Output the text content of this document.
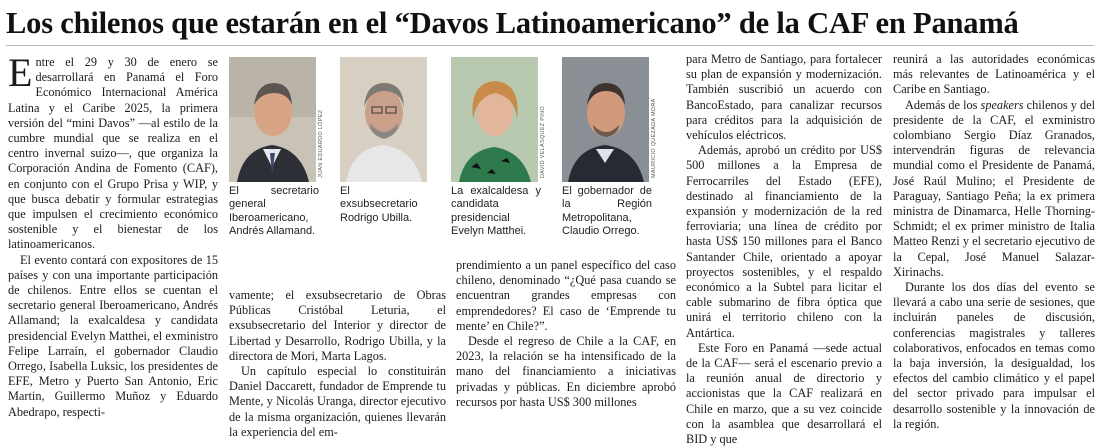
Los chilenos que estarán en el “Davos Latinoamericano” de la CAF en Panamá

Entre el 29 y 30 de enero se desarrollará en Panamá el Foro Económico Internacional América Latina y el Caribe 2025, la primera versión del “mini Davos” —al estilo de la cumbre mundial que se realiza en el centro invernal suizo—, que organiza la Corporación Andina de Fomento (CAF), en conjunto con el Grupo Prisa y WIP, y que busca debatir y formular estrategias que impulsen el crecimiento económico sostenible y el bienestar de los latinoamericanos.

El evento contará con expositores de 15 países y con una importante participación de chilenos. Entre ellos se cuentan el secretario general Iberoamericano, Andrés Allamand; la exalcaldesa y candidata presidencial Evelyn Matthei, el exministro Felipe Larraín, el gobernador Claudio Orrego, Isabella Luksic, los presidentes de EFE, Metro y Puerto San Antonio, Eric Martin, Guillermo Muñoz y Eduardo Abedrapo, respecti-

JUAN EDUARDO LÓPEZ	DAVID VELÁSQUEZ PINO	MAURICIO QUEZADA MORA
El secretario general Iberoamericano, Andrés Allamand.
El exsubsecretario Rodrigo Ubilla.
La exalcaldesa y candidata presidencial Evelyn Matthei.
El gobernador de la Región Metropolitana, Claudio Orrego.

vamente; el exsubsecretario de Obras Públicas Cristóbal Leturia, el exsubsecretario del Interior y director de Libertad y Desarrollo, Rodrigo Ubilla, y la directora de Mori, Marta Lagos.

Un capítulo especial lo constituirán Daniel Daccarett, fundador de Emprende tu Mente, y Nicolás Uranga, director ejecutivo de la misma organización, quienes llevarán la experiencia del em-

prendimiento a un panel específico del caso chileno, denominado “¿Qué pasa cuando se encuentran grandes empresas con emprendedores? El caso de ‘Emprende tu mente’ en Chile?”.

Desde el regreso de Chile a la CAF, en 2023, la relación se ha intensificado de la mano del financiamiento a iniciativas privadas y públicas. En diciembre aprobó recursos por hasta US$ 300 millones

para Metro de Santiago, para fortalecer su plan de expansión y modernización. También suscribió un acuerdo con BancoEstado, para canalizar recursos para créditos para la adquisición de vehículos eléctricos.

Además, aprobó un crédito por US$ 500 millones a la Empresa de Ferrocarriles del Estado (EFE), destinado al financiamiento de la expansión y modernización de la red ferroviaria; una línea de crédito por hasta US$ 150 millones para el Banco Santander Chile, orientado a apoyar proyectos sostenibles, y el respaldo económico a la Subtel para licitar el cable submarino de fibra óptica que unirá el territorio chileno con la Antártica.

Este Foro en Panamá —sede actual de la CAF— será el escenario previo a la reunión anual de directorio y accionistas que la CAF realizará en Chile en marzo, que a su vez coincide con la asamblea que desarrollará el BID y que

reunirá a las autoridades económicas más relevantes de Latinoamérica y el Caribe en Santiago.

Además de los speakers chilenos y del presidente de la CAF, el exministro colombiano Sergio Díaz Granados, intervendrán figuras de relevancia mundial como el Presidente de Panamá, José Raúl Mulino; el Presidente de Paraguay, Santiago Peña; la ex primera ministra de Dinamarca, Helle Thorning-Schmidt; el ex primer ministro de Italia Matteo Renzi y el secretario ejecutivo de la Cepal, José Manuel Salazar-Xirinachs.

Durante los dos días del evento se llevará a cabo una serie de sesiones, que incluirán paneles de discusión, conferencias magistrales y talleres colaborativos, enfocados en temas como la baja inversión, la desigualdad, los efectos del cambio climático y el papel del sector privado para impulsar el desarrollo sostenible y la innovación de la región.
